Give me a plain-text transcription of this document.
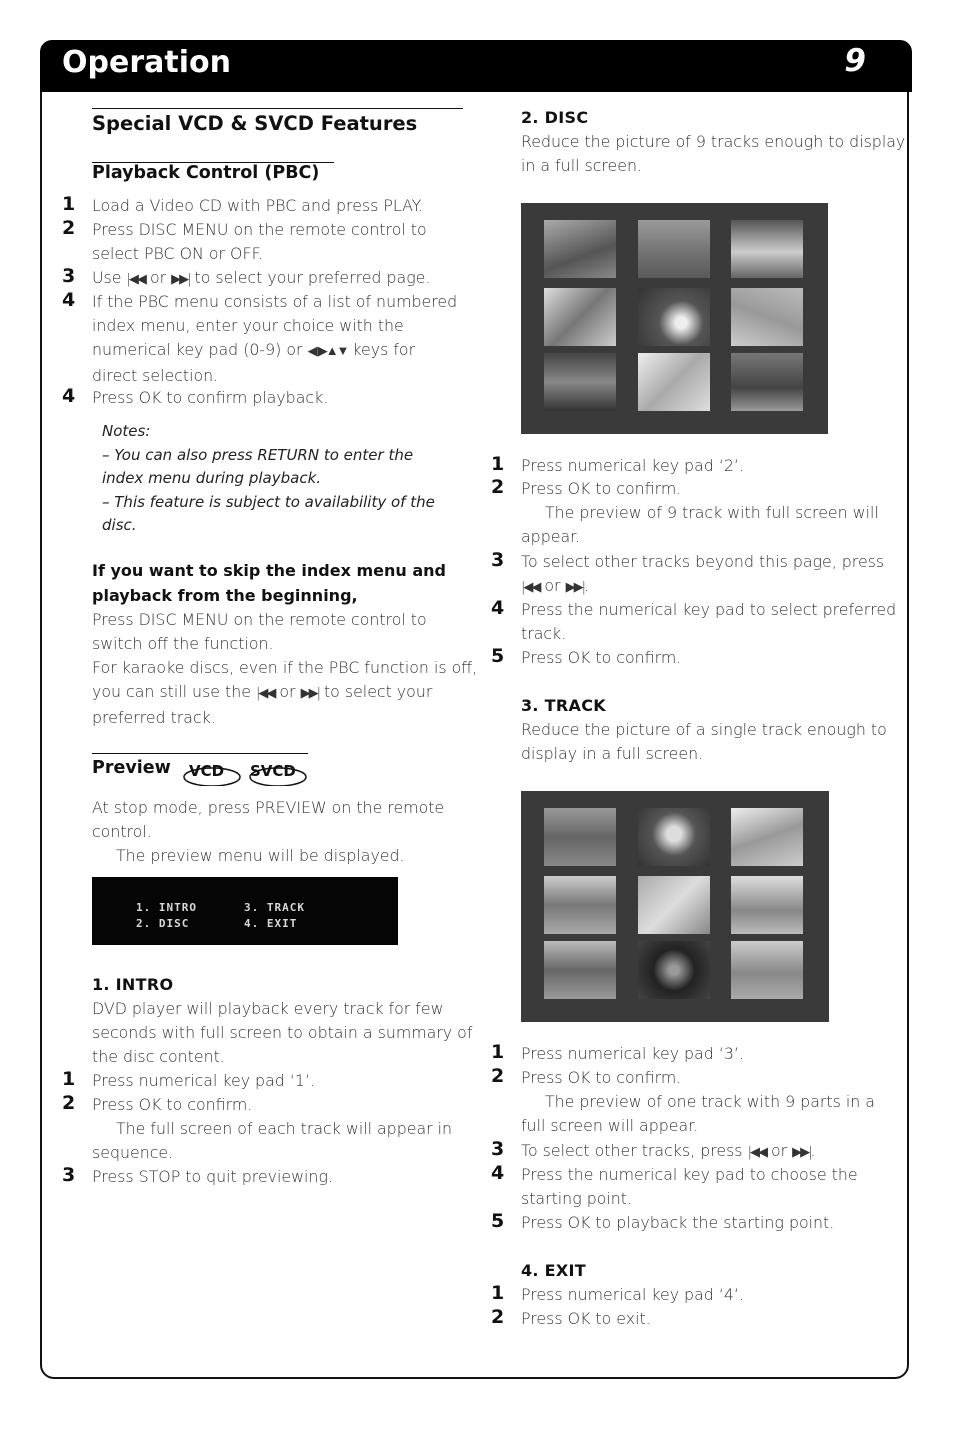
Operation	9
Special VCD & SVCD Features
Playback Control (PBC)
1 Load a Video CD with PBC and press PLAY.
2 Press DISC MENU on the remote control to
select PBC ON or OFF.
3 Use |◀◀ or ▶▶| to select your preferred page.
4 If the PBC menu consists of a list of numbered
index menu, enter your choice with the
numerical key pad (0-9) or ◀ ▶▲▼ keys for
direct selection.
4 Press OK to confirm playback.
Notes:
– You can also press RETURN to enter the
index menu during playback.
– This feature is subject to availability of the
disc.
If you want to skip the index menu and
playback from the beginning,
Press DISC MENU on the remote control to
switch off the function.
For karaoke discs, even if the PBC function is off,
you can still use the |◀◀ or ▶▶| to select your
preferred track.
Preview VCD SVCD
At stop mode, press PREVIEW on the remote
control.
The preview menu will be displayed.
1. INTRO
2. DISC
3. TRACK
4. EXIT
1. INTRO
DVD player will playback every track for few
seconds with full screen to obtain a summary of
the disc content.
1 Press numerical key pad ‘1’.
2 Press OK to confirm.
The full screen of each track will appear in
sequence.
3 Press STOP to quit previewing.
2. DISC
Reduce the picture of 9 tracks enough to display
in a full screen.
1 Press numerical key pad ‘2’.
2 Press OK to confirm.
The preview of 9 track with full screen will
appear.
3 To select other tracks beyond this page, press
|◀◀ or ▶▶|.
4 Press the numerical key pad to select preferred
track.
5 Press OK to confirm.
3. TRACK
Reduce the picture of a single track enough to
display in a full screen.
1 Press numerical key pad ‘3’.
2 Press OK to confirm.
The preview of one track with 9 parts in a
full screen will appear.
3 To select other tracks, press |◀◀ or ▶▶|.
4 Press the numerical key pad to choose the
starting point.
5 Press OK to playback the starting point.
4. EXIT
1 Press numerical key pad ‘4’.
2 Press OK to exit.
